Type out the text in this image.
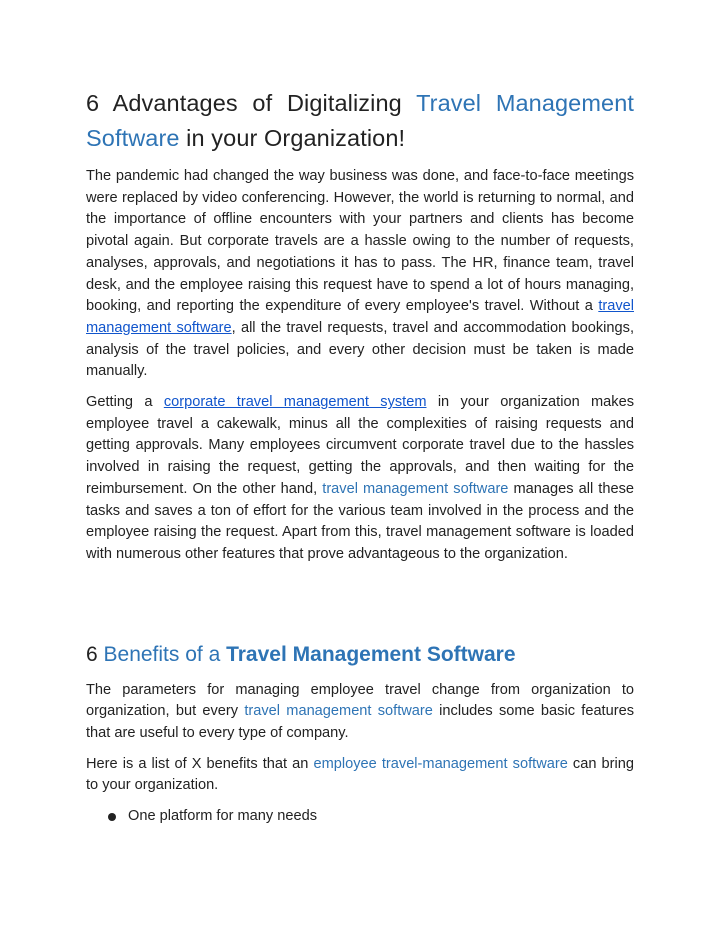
6 Advantages of Digitalizing Travel Management Software in your Organization!

The pandemic had changed the way business was done, and face-to-face meetings were replaced by video conferencing. However, the world is returning to normal, and the importance of offline encounters with your partners and clients has become pivotal again. But corporate travels are a hassle owing to the number of requests, analyses, approvals, and negotiations it has to pass. The HR, finance team, travel desk, and the employee raising this request have to spend a lot of hours managing, booking, and reporting the expenditure of every employee's travel. Without a travel management software, all the travel requests, travel and accommodation bookings, analysis of the travel policies, and every other decision must be taken is made manually.

Getting a corporate travel management system in your organization makes employee travel a cakewalk, minus all the complexities of raising requests and getting approvals. Many employees circumvent corporate travel due to the hassles involved in raising the request, getting the approvals, and then waiting for the reimbursement. On the other hand, travel management software manages all these tasks and saves a ton of effort for the various team involved in the process and the employee raising the request. Apart from this, travel management software is loaded with numerous other features that prove advantageous to the organization.

6 Benefits of a Travel Management Software

The parameters for managing employee travel change from organization to organization, but every travel management software includes some basic features that are useful to every type of company.

Here is a list of X benefits that an employee travel-management software can bring to your organization.

One platform for many needs
